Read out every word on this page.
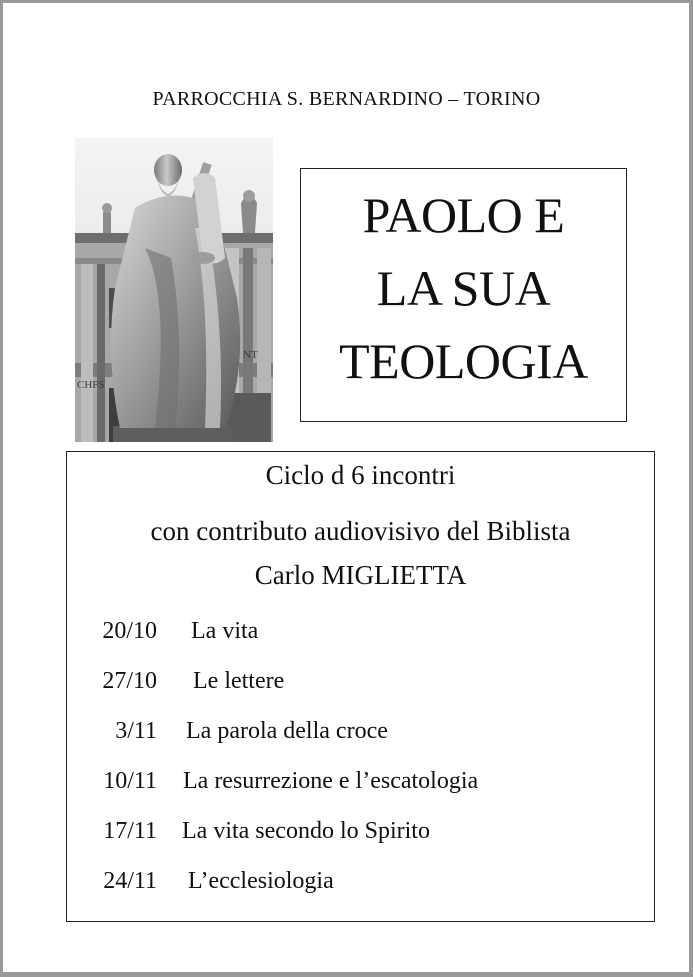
PARROCCHIA S. BERNARDINO – TORINO
CHFS
NT
PAOLO E
LA SUA
TEOLOGIA
Ciclo d 6 incontri
con contributo audiovisivo del Biblista
Carlo MIGLIETTA
20/10 La vita
27/10 Le lettere
3/11 La parola della croce
10/11 La resurrezione e l’escatologia
17/11 La vita secondo lo Spirito
24/11 L’ecclesiologia
